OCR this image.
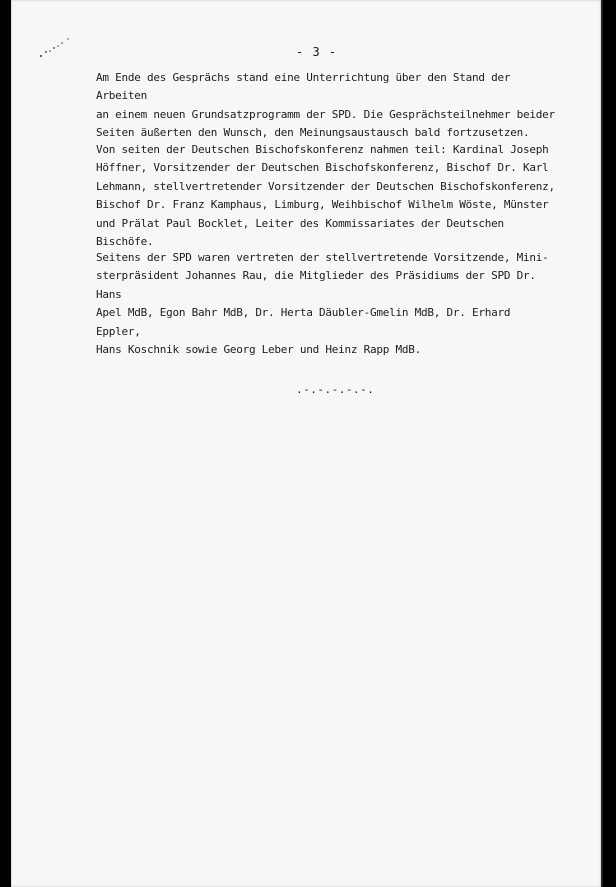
- 3 -

Am Ende des Gesprächs stand eine Unterrichtung über den Stand der Arbeiten
an einem neuen Grundsatzprogramm der SPD. Die Gesprächsteilnehmer beider
Seiten äußerten den Wunsch, den Meinungsaustausch bald fortzusetzen.

Von seiten der Deutschen Bischofskonferenz nahmen teil: Kardinal Joseph
Höffner, Vorsitzender der Deutschen Bischofskonferenz, Bischof Dr. Karl
Lehmann, stellvertretender Vorsitzender der Deutschen Bischofskonferenz,
Bischof Dr. Franz Kamphaus, Limburg, Weihbischof Wilhelm Wöste, Münster
und Prälat Paul Bocklet, Leiter des Kommissariates der Deutschen Bischöfe.

Seitens der SPD waren vertreten der stellvertretende Vorsitzende, Mini-
sterpräsident Johannes Rau, die Mitglieder des Präsidiums der SPD Dr. Hans
Apel MdB, Egon Bahr MdB, Dr. Herta Däubler-Gmelin MdB, Dr. Erhard Eppler,
Hans Koschnik sowie Georg Leber und Heinz Rapp MdB.

.-.-.-.-.-.
